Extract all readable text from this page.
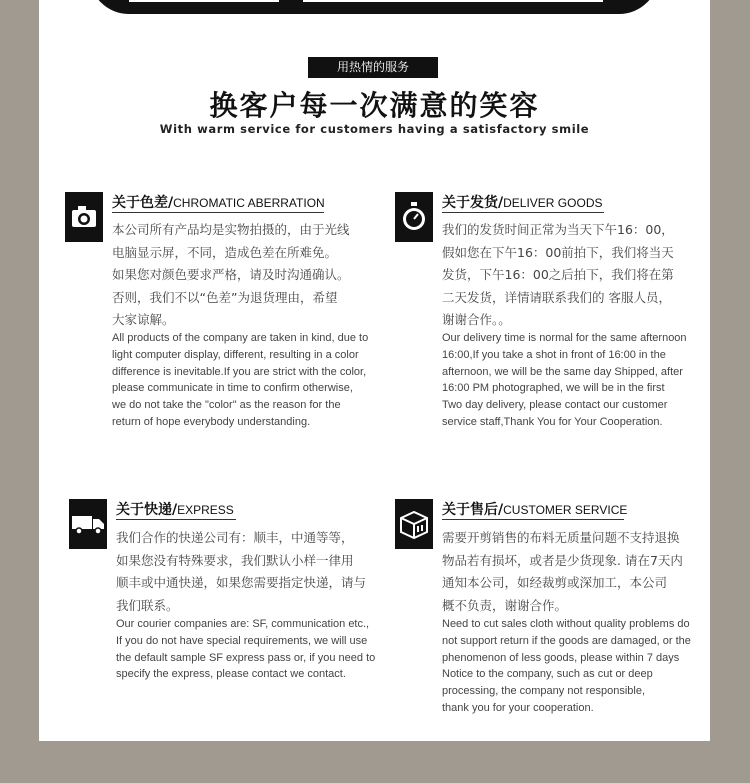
用热情的服务
换客户每一次满意的笑容
With warm service for customers having a satisfactory smile
关于色差/CHROMATIC ABERRATION
本公司所有产品均是实物拍摄的，由于光线
电脑显示屏，不同，造成色差在所难免。
如果您对颜色要求严格，请及时沟通确认。
否则，我们不以“色差”为退货理由，希望
大家谅解。
All products of the company are taken in kind, due to
light computer display, different, resulting in a color
difference is inevitable.If you are strict with the color,
please communicate in time to confirm otherwise,
we do not take the "color" as the reason for the
return of hope everybody understanding.
关于发货/DELIVER GOODS
我们的发货时间正常为当天下午16：00，
假如您在下午16：00前拍下，我们将当天
发货，下午16：00之后拍下，我们将在第
二天发货，详情请联系我们的 客服人员，
谢谢合作。。
Our delivery time is normal for the same afternoon
16:00,If you take a shot in front of 16:00 in the
afternoon, we will be the same day Shipped, after
16:00 PM photographed, we will be in the first
Two day delivery, please contact our customer
service staff,Thank You for Your Cooperation.
关于快递/EXPRESS
我们合作的快递公司有：顺丰，中通等等，
如果您没有特殊要求，我们默认小样一律用
顺丰或中通快递，如果您需要指定快递，请与
我们联系。
Our courier companies are: SF, communication etc.,
If you do not have special requirements, we will use
the default sample SF express pass or, if you need to
specify the express, please contact we contact.
关于售后/CUSTOMER SERVICE
需要开剪销售的布料无质量问题不支持退换
物品若有损坏，或者是少货现象. 请在7天内
通知本公司，如经裁剪或深加工，本公司
概不负责，谢谢合作。
Need to cut sales cloth without quality problems do
not support return if the goods are damaged, or the
phenomenon of less goods, please within 7 days
Notice to the company, such as cut or deep
processing, the company not responsible,
thank you for your cooperation.
